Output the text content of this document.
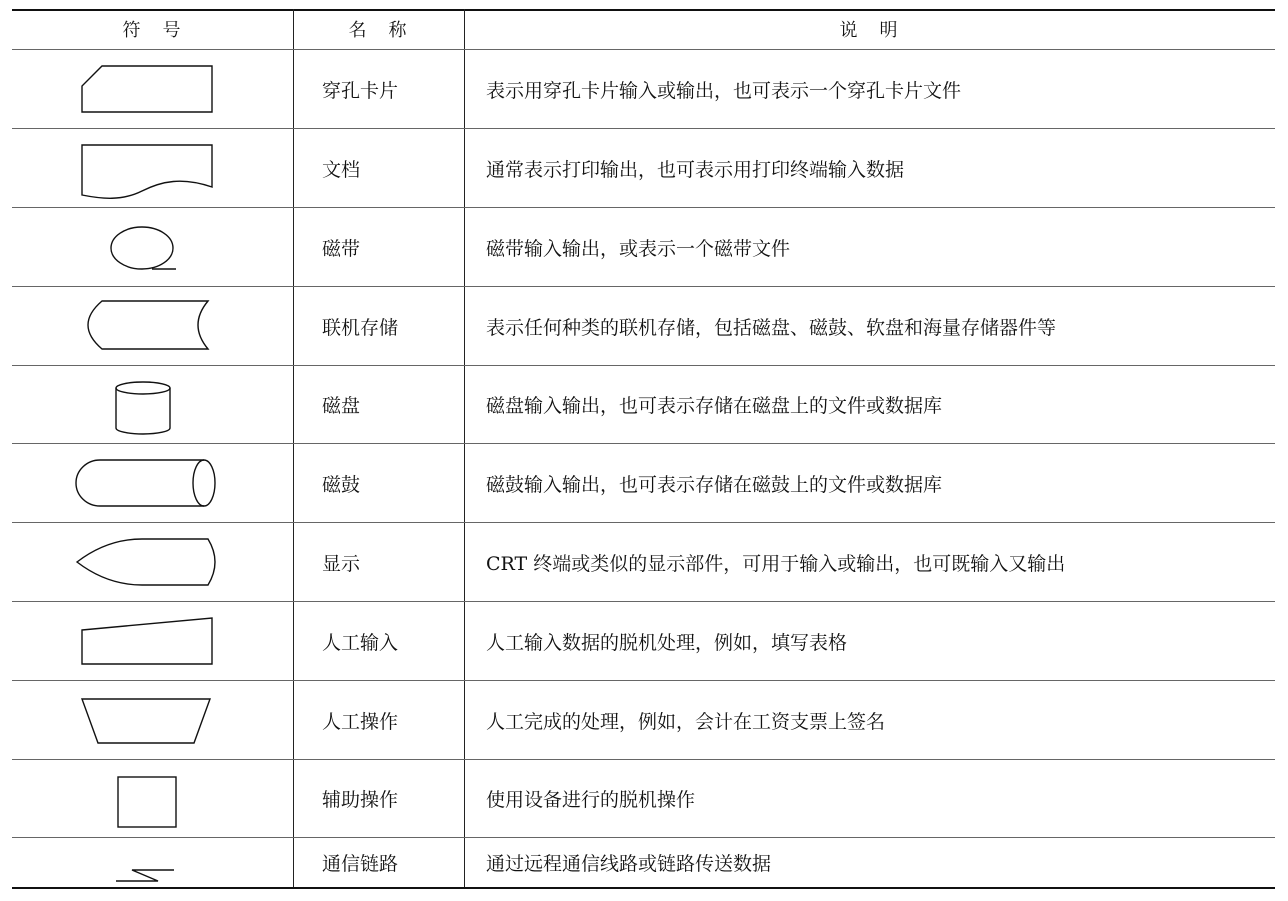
符　号	名　称	说　明
穿孔卡片	表示用穿孔卡片输入或输出，也可表示一个穿孔卡片文件
文档	通常表示打印输出，也可表示用打印终端输入数据
磁带	磁带输入输出，或表示一个磁带文件
联机存储	表示任何种类的联机存储，包括磁盘、磁鼓、软盘和海量存储器件等
磁盘	磁盘输入输出，也可表示存储在磁盘上的文件或数据库
磁鼓	磁鼓输入输出，也可表示存储在磁鼓上的文件或数据库
显示	CRT 终端或类似的显示部件，可用于输入或输出，也可既输入又输出
人工输入	人工输入数据的脱机处理，例如，填写表格
人工操作	人工完成的处理，例如，会计在工资支票上签名
辅助操作	使用设备进行的脱机操作
通信链路	通过远程通信线路或链路传送数据
